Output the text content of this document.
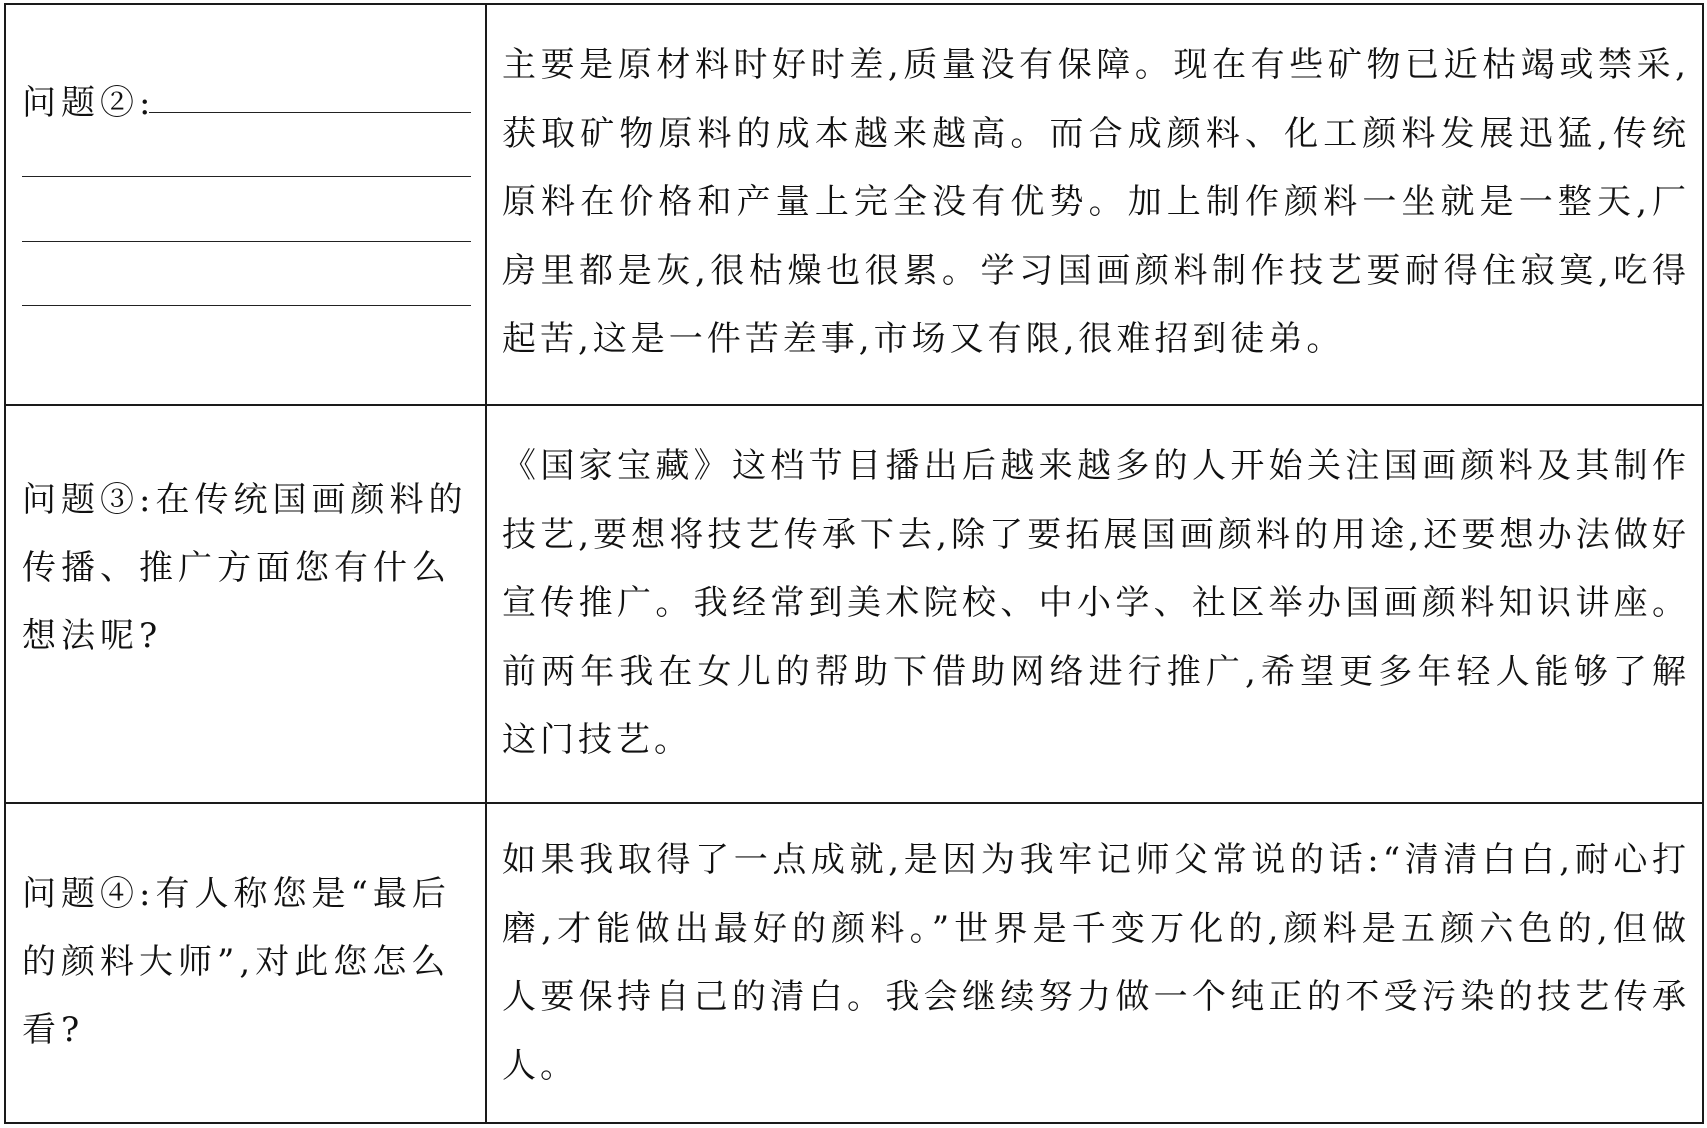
问题②:
主要是原材料时好时差,质量没有保障。现在有些矿物已近枯竭或禁采,获取矿物原料的成本越来越高。而合成颜料、化工颜料发展迅猛,传统原料在价格和产量上完全没有优势。加上制作颜料一坐就是一整天,厂房里都是灰,很枯燥也很累。学习国画颜料制作技艺要耐得住寂寞,吃得起苦,这是一件苦差事,市场又有限,很难招到徒弟。
问题③:在传统国画颜料的传播、推广方面您有什么想法呢?
《国家宝藏》这档节目播出后越来越多的人开始关注国画颜料及其制作技艺,要想将技艺传承下去,除了要拓展国画颜料的用途,还要想办法做好宣传推广。我经常到美术院校、中小学、社区举办国画颜料知识讲座。前两年我在女儿的帮助下借助网络进行推广,希望更多年轻人能够了解这门技艺。
问题④:有人称您是“最后的颜料大师”,对此您怎么看?
如果我取得了一点成就,是因为我牢记师父常说的话:“清清白白,耐心打磨,才能做出最好的颜料。”世界是千变万化的,颜料是五颜六色的,但做人要保持自己的清白。我会继续努力做一个纯正的不受污染的技艺传承人。
